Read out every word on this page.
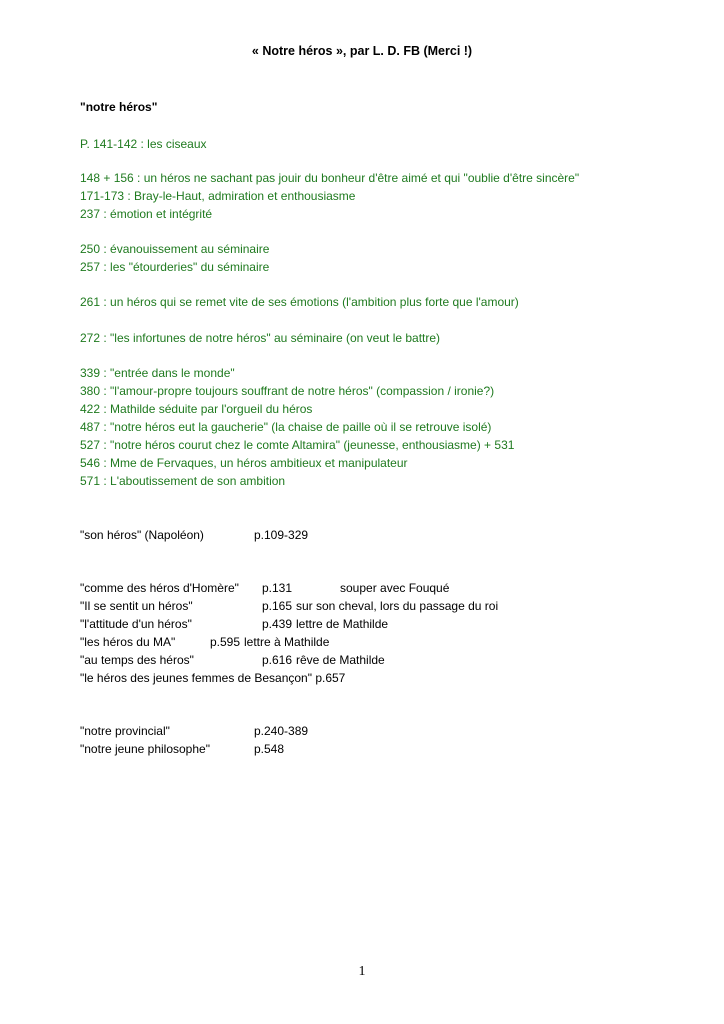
« Notre héros », par L. D. FB (Merci !)
"notre héros"
P. 141-142 : les ciseaux
148 + 156 : un héros ne sachant pas jouir du bonheur d'être aimé et qui "oublie d'être sincère"
171-173 : Bray-le-Haut, admiration et enthousiasme
237 : émotion et intégrité
250 : évanouissement au séminaire
257 : les "étourderies" du séminaire
261 : un héros qui se remet vite de ses émotions (l'ambition plus forte que l'amour)
272 : "les infortunes de notre héros" au séminaire (on veut le battre)
339 : "entrée dans le monde"
380 : "l'amour-propre toujours souffrant de notre héros" (compassion / ironie?)
422 : Mathilde séduite par l'orgueil du héros
487 : "notre héros eut la gaucherie" (la chaise de paille où il se retrouve isolé)
527 : "notre héros courut chez le comte Altamira" (jeunesse, enthousiasme) + 531
546 : Mme de Fervaques, un héros ambitieux et manipulateur
571 : L'aboutissement de son ambition
"son héros" (Napoléon)	p.109-329
"comme des héros d'Homère" p.131	souper avec Fouqué
"Il se sentit un héros"	p.165 sur son cheval, lors du passage du roi
"l'attitude d'un héros"	p.439 lettre de Mathilde
"les héros du MA"	p.595 lettre à Mathilde
"au temps des héros"	p.616 rêve de Mathilde
"le héros des jeunes femmes de Besançon" p.657
"notre provincial"	p.240-389
"notre jeune philosophe"	p.548
1
